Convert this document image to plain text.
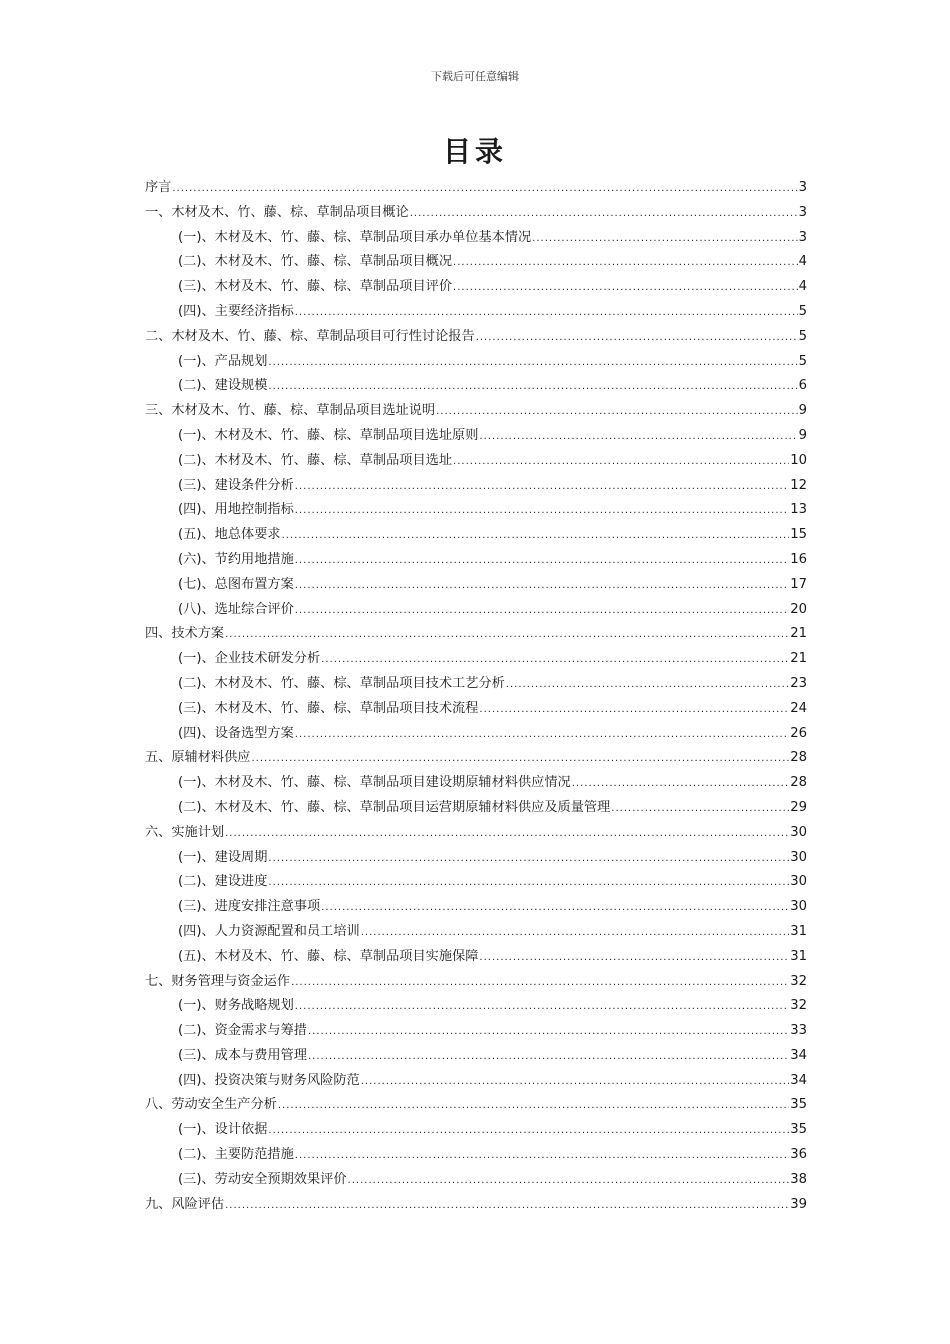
下载后可任意编辑
目录
序言 .....	3
一、木材及木、竹、藤、棕、草制品项目概论 .....	3
(一)、木材及木、竹、藤、棕、草制品项目承办单位基本情况 .....	3
(二)、木材及木、竹、藤、棕、草制品项目概况 .....	4
(三)、木材及木、竹、藤、棕、草制品项目评价 .....	4
(四)、主要经济指标 .....	5
二、木材及木、竹、藤、棕、草制品项目可行性讨论报告 .....	5
(一)、产品规划 .....	5
(二)、建设规模 .....	6
三、木材及木、竹、藤、棕、草制品项目选址说明 .....	9
(一)、木材及木、竹、藤、棕、草制品项目选址原则 .....	9
(二)、木材及木、竹、藤、棕、草制品项目选址 .....	10
(三)、建设条件分析 .....	12
(四)、用地控制指标 .....	13
(五)、地总体要求 .....	15
(六)、节约用地措施 .....	16
(七)、总图布置方案 .....	17
(八)、选址综合评价 .....	20
四、技术方案 .....	21
(一)、企业技术研发分析 .....	21
(二)、木材及木、竹、藤、棕、草制品项目技术工艺分析 .....	23
(三)、木材及木、竹、藤、棕、草制品项目技术流程 .....	24
(四)、设备选型方案 .....	26
五、原辅材料供应 .....	28
(一)、木材及木、竹、藤、棕、草制品项目建设期原辅材料供应情况 .....	28
(二)、木材及木、竹、藤、棕、草制品项目运营期原辅材料供应及质量管理 .....	29
六、实施计划 .....	30
(一)、建设周期 .....	30
(二)、建设进度 .....	30
(三)、进度安排注意事项 .....	30
(四)、人力资源配置和员工培训 .....	31
(五)、木材及木、竹、藤、棕、草制品项目实施保障 .....	31
七、财务管理与资金运作 .....	32
(一)、财务战略规划 .....	32
(二)、资金需求与筹措 .....	33
(三)、成本与费用管理 .....	34
(四)、投资决策与财务风险防范 .....	34
八、劳动安全生产分析 .....	35
(一)、设计依据 .....	35
(二)、主要防范措施 .....	36
(三)、劳动安全预期效果评价 .....	38
九、风险评估 .....	39
